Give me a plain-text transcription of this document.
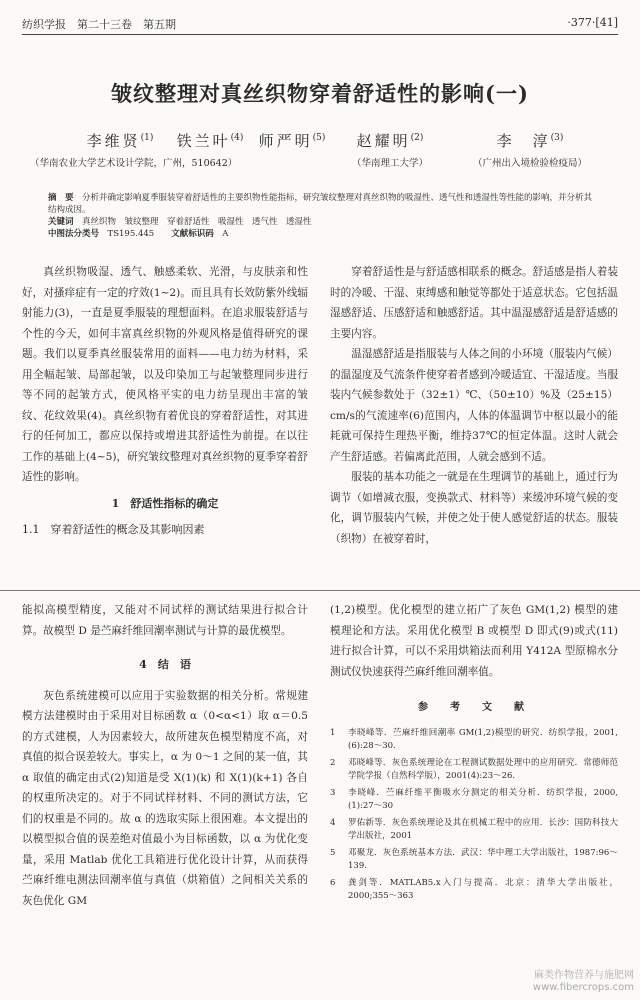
纺织学报　第二十三卷　第五期	·377·[41]
皱纹整理对真丝织物穿着舒适性的影响(一)
李维贤$^{(1)}$
（华南农业大学艺术设计学院，广州，510642）
铁兰叶$^{(4)}$	师严明$^{(5)}$	赵耀明$^{(2)}$
（华南理工大学）
李　淳$^{(3)}$
（广州出入境检验检疫局）

摘　要　 分析并确定影响夏季服装穿着舒适性的主要织物性能指标，研究皱纹整理对真丝织物的吸湿性、透气性和透湿性等性能的影响，并分析其结构成因。

关键词　 真丝织物　皱纹整理　穿着舒适性　吸湿性　透气性　透湿性

中图法分类号　 TS195.445　　 文献标识码　 A

真丝织物吸湿、透气、触感柔软、光滑，与皮肤亲和性好，对搔痒症有一定的疗效(1~2)。而且具有长效防紫外线辐射能力(3)，一直是夏季服装的理想面料。在追求服装舒适与个性的今天，如何丰富真丝织物的外观风格是值得研究的课题。我们以夏季真丝服装常用的面料——电力纺为材料，采用全幅起皱、局部起皱，以及印染加工与起皱整理同步进行等不同的起皱方式，使风格平实的电力纺呈现出丰富的皱纹、花纹效果(4)。真丝织物有着优良的穿着舒适性，对其进行的任何加工，都应以保持或增进其舒适性为前提。在以往工作的基础上(4~5)，研究皱纹整理对真丝织物的夏季穿着舒适性的影响。

1　舒适性指标的确定
1.1　穿着舒适性的概念及其影响因素

穿着舒适性是与舒适感相联系的概念。舒适感是指人着装时的冷暖、干湿、束缚感和触觉等都处于适意状态。它包括温湿感舒适、压感舒适和触感舒适。其中温湿感舒适是舒适感的主要内容。

温湿感舒适是指服装与人体之间的小环境（服装内气候）的温湿度及气流条件使穿着者感到冷暖适宜、干湿适度。当服装内气候参数处于（32±1）℃、（50±10）%及（25±15）cm/s的气流速率(6)范围内，人体的体温调节中枢以最小的能耗就可保持生理热平衡，维持37℃的恒定体温。这时人就会产生舒适感。若偏离此范围，人就会感到不适。

服装的基本功能之一就是在生理调节的基础上，通过行为调节（如增减衣服，变换款式、材料等）来缓冲环境气候的变化，调节服装内气候，并使之处于使人感觉舒适的状态。服装（织物）在被穿着时，

能拟高模型精度，又能对不同试样的测试结果进行拟合计算。故模型 D 是苎麻纤维回潮率测试与计算的最优模型。

4　结　语

灰色系统建模可以应用于实验数据的相关分析。常规建模方法建模时由于采用对目标函数 α（0<α<1）取 α＝0.5 的方式建模，人为因素较大，故所建灰色模型精度不高，对真值的拟合误差较大。事实上，α 为 0～1 之间的某一值，其 α 取值的确定由式(2)知道是受 X(1)(k) 和 X(1)(k+1) 各自的权重所决定的。对于不同试样材料、不同的测试方法，它们的权重是不同的。故 α 的选取实际上很困难。本文提出的以模型拟合值的误差绝对值最小为目标函数，以 α 为优化变量，采用 Matlab 优化工具箱进行优化设计计算，从而获得苎麻纤维电测法回潮率值与真值（烘箱值）之间相关关系的灰色优化 GM

(1,2)模型。优化模型的建立拓广了灰色 GM(1,2) 模型的建模理论和方法。采用优化模型 B 或模型 D 即式(9)或式(11)进行拟合计算，可以不采用烘箱法而利用 Y412A 型原棉水分测试仪快速获得苎麻纤维回潮率值。

参　考　文　献
1	李晓峰等．苎麻纤维回潮率 GM(1,2)模型的研究．纺织学报，2001,(6):28～30.
2	邓晓峰等．灰色系统理论在工程测试数据处理中的应用研究．常德师范学院学报（自然科学版），2001(4):23～26.
3	李晓峰．苎麻纤维平衡吸水分测定的相关分析．纺织学报，2000,(1):27～30
4	罗佑新等．灰色系统理论及其在机械工程中的应用．长沙：国防科技大学出版社，2001
5	邓聚龙．灰色系统基本方法．武汉：华中理工大学出版社，1987:96～139.
6	龚剑等．MATLAB5.x入门与提高．北京：清华大学出版社，2000;355～363
麻类作物营养与施肥网
www.fibercrops.com
